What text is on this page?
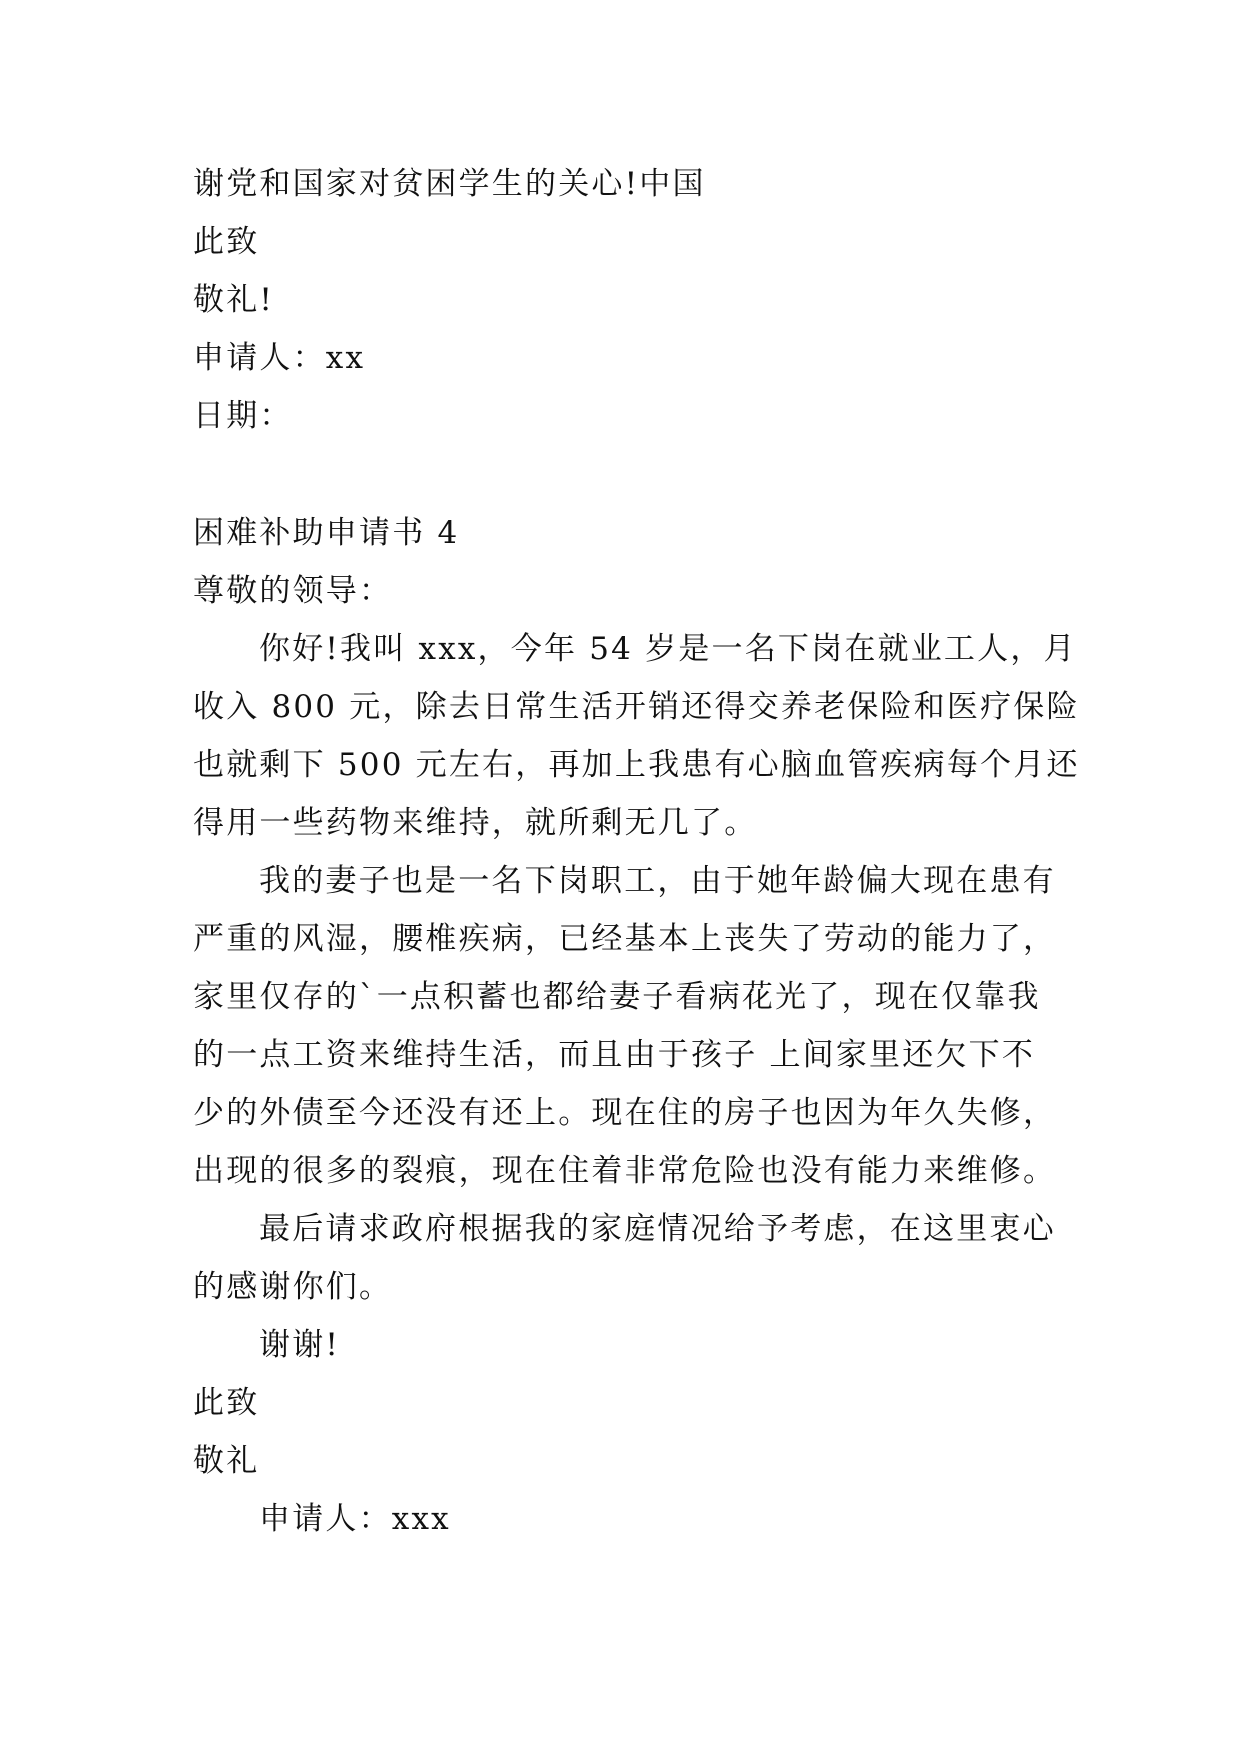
谢党和国家对贫困学生的关心!中国
此致
敬礼!
申请人：xx
日期：
困难补助申请书 4
尊敬的领导：
你好!我叫 xxx，今年 54 岁是一名下岗在就业工人，月
收入 800 元，除去日常生活开销还得交养老保险和医疗保险
也就剩下 500 元左右，再加上我患有心脑血管疾病每个月还
得用一些药物来维持，就所剩无几了。
我的妻子也是一名下岗职工，由于她年龄偏大现在患有
严重的风湿，腰椎疾病，已经基本上丧失了劳动的能力了，
家里仅存的`一点积蓄也都给妻子看病花光了，现在仅靠我
的一点工资来维持生活，而且由于孩子 上间家里还欠下不
少的外债至今还没有还上。现在住的房子也因为年久失修，
出现的很多的裂痕，现在住着非常危险也没有能力来维修。
最后请求政府根据我的家庭情况给予考虑，在这里衷心
的感谢你们。
谢谢!
此致
敬礼
申请人：xxx
